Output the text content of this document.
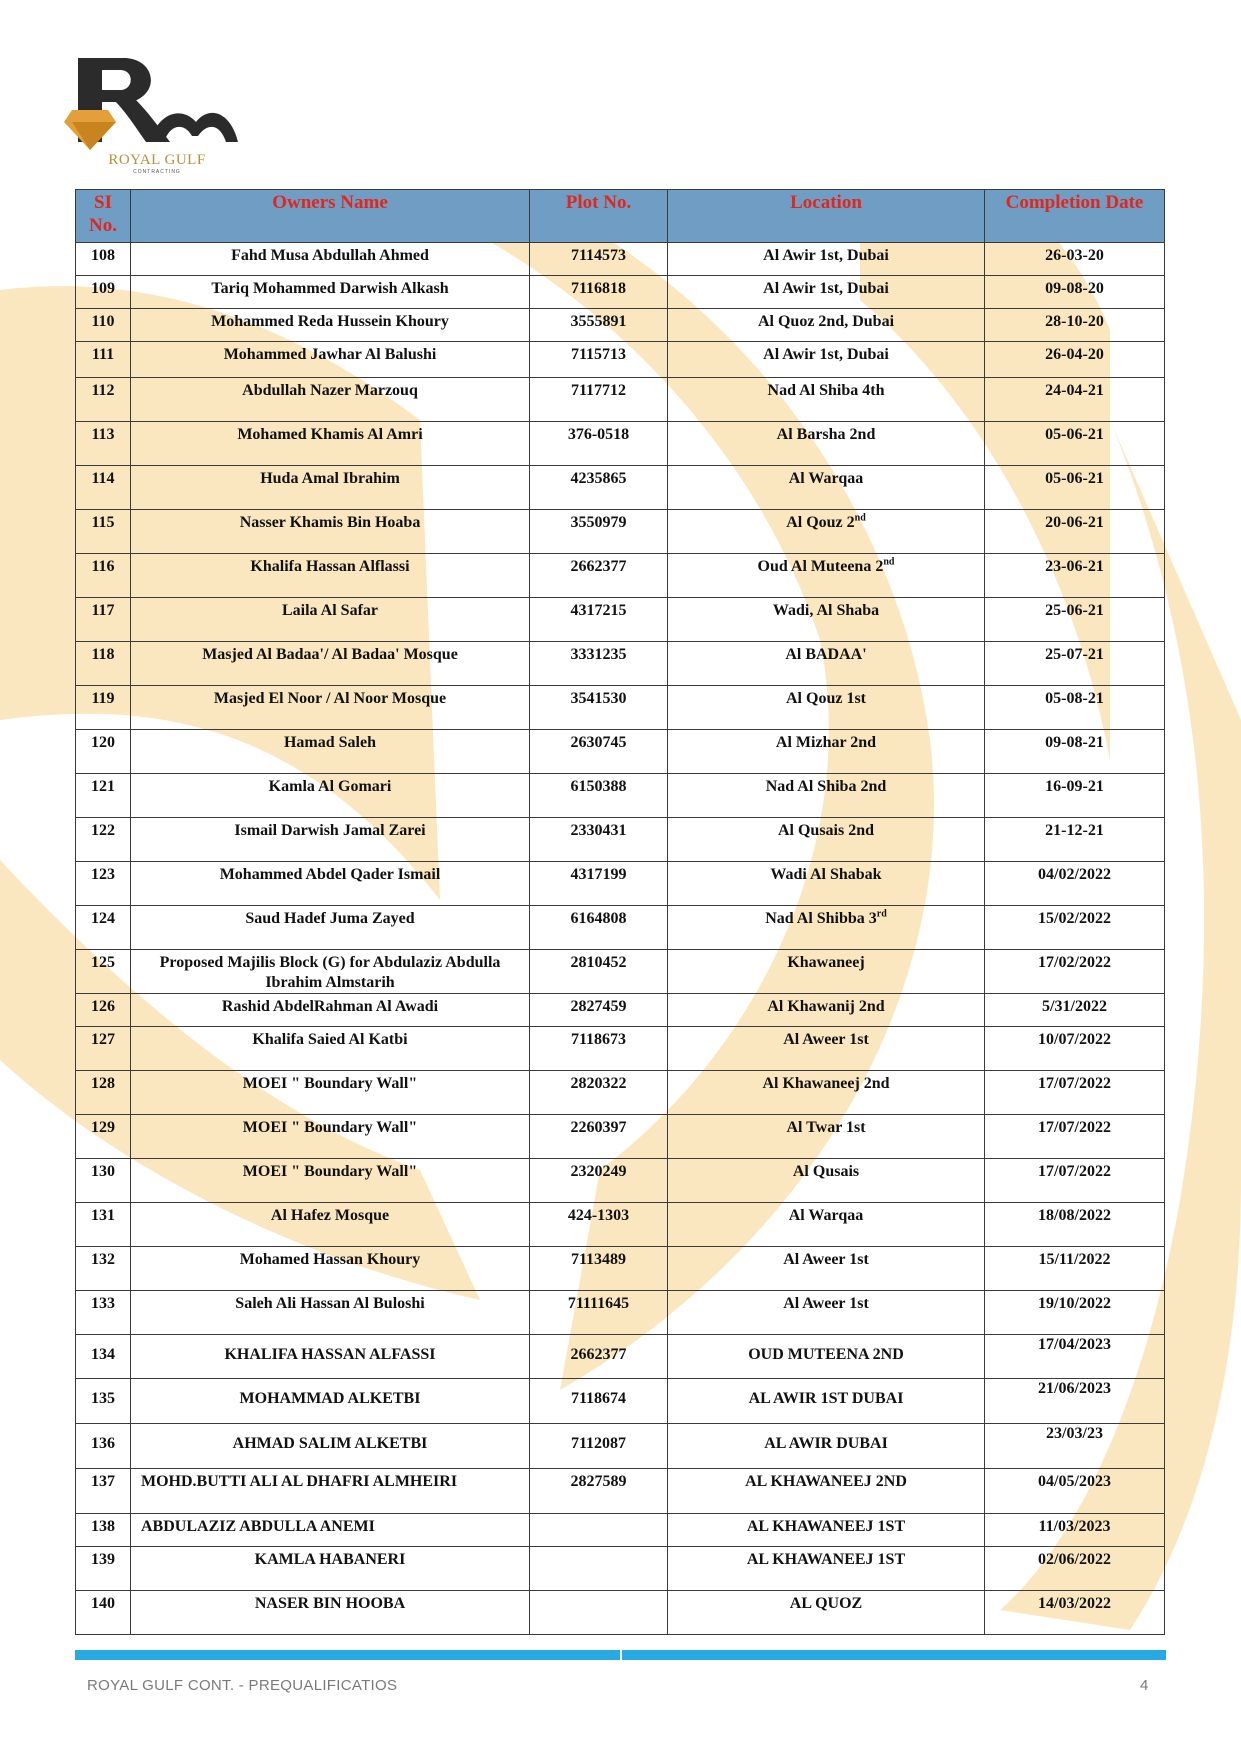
ROYAL GULF
CONTRACTING
SI No.	Owners Name	Plot No.	Location	Completion Date
108	Fahd Musa Abdullah Ahmed	7114573	Al Awir 1st, Dubai	26-03-20
109	Tariq Mohammed Darwish Alkash	7116818	Al Awir 1st, Dubai	09-08-20
110	Mohammed Reda Hussein Khoury	3555891	Al Quoz 2nd, Dubai	28-10-20
111	Mohammed Jawhar Al Balushi	7115713	Al Awir 1st, Dubai	26-04-20
112	Abdullah Nazer Marzouq	7117712	Nad Al Shiba 4th	24-04-21
113	Mohamed Khamis Al Amri	376-0518	Al Barsha 2nd	05-06-21
114	Huda Amal Ibrahim	4235865	Al Warqaa	05-06-21
115	Nasser Khamis Bin Hoaba	3550979	Al Qouz 2nd	20-06-21
116	Khalifa Hassan Alflassi	2662377	Oud Al Muteena 2nd	23-06-21
117	Laila Al Safar	4317215	Wadi, Al Shaba	25-06-21
118	Masjed Al Badaa'/ Al Badaa' Mosque	3331235	Al BADAA'	25-07-21
119	Masjed El Noor / Al Noor Mosque	3541530	Al Qouz 1st	05-08-21
120	Hamad Saleh	2630745	Al Mizhar 2nd	09-08-21
121	Kamla Al Gomari	6150388	Nad Al Shiba 2nd	16-09-21
122	Ismail Darwish Jamal Zarei	2330431	Al Qusais 2nd	21-12-21
123	Mohammed Abdel Qader Ismail	4317199	Wadi Al Shabak	04/02/2022
124	Saud Hadef Juma Zayed	6164808	Nad Al Shibba 3rd	15/02/2022
125	Proposed Majilis Block (G) for Abdulaziz Abdulla Ibrahim Almstarih	2810452	Khawaneej	17/02/2022
126	Rashid AbdelRahman Al Awadi	2827459	Al Khawanij 2nd	5/31/2022
127	Khalifa Saied Al Katbi	7118673	Al Aweer 1st	10/07/2022
128	MOEI " Boundary Wall"	2820322	Al Khawaneej 2nd	17/07/2022
129	MOEI " Boundary Wall"	2260397	Al Twar 1st	17/07/2022
130	MOEI " Boundary Wall"	2320249	Al Qusais	17/07/2022
131	Al Hafez Mosque	424-1303	Al Warqaa	18/08/2022
132	Mohamed Hassan Khoury	7113489	Al Aweer 1st	15/11/2022
133	Saleh Ali Hassan Al Buloshi	71111645	Al Aweer 1st	19/10/2022
134	KHALIFA HASSAN ALFASSI	2662377	OUD MUTEENA 2ND	17/04/2023
135	MOHAMMAD ALKETBI	7118674	AL AWIR 1ST DUBAI	21/06/2023
136	AHMAD SALIM ALKETBI	7112087	AL AWIR DUBAI	23/03/23
137	MOHD.BUTTI ALI AL DHAFRI ALMHEIRI	2827589	AL KHAWANEEJ 2ND	04/05/2023
138	ABDULAZIZ ABDULLA ANEMI		AL KHAWANEEJ 1ST	11/03/2023
139	KAMLA HABANERI		AL KHAWANEEJ 1ST	02/06/2022
140	NASER BIN HOOBA		AL QUOZ	14/03/2022
ROYAL GULF CONT. - PREQUALIFICATIOS	4
